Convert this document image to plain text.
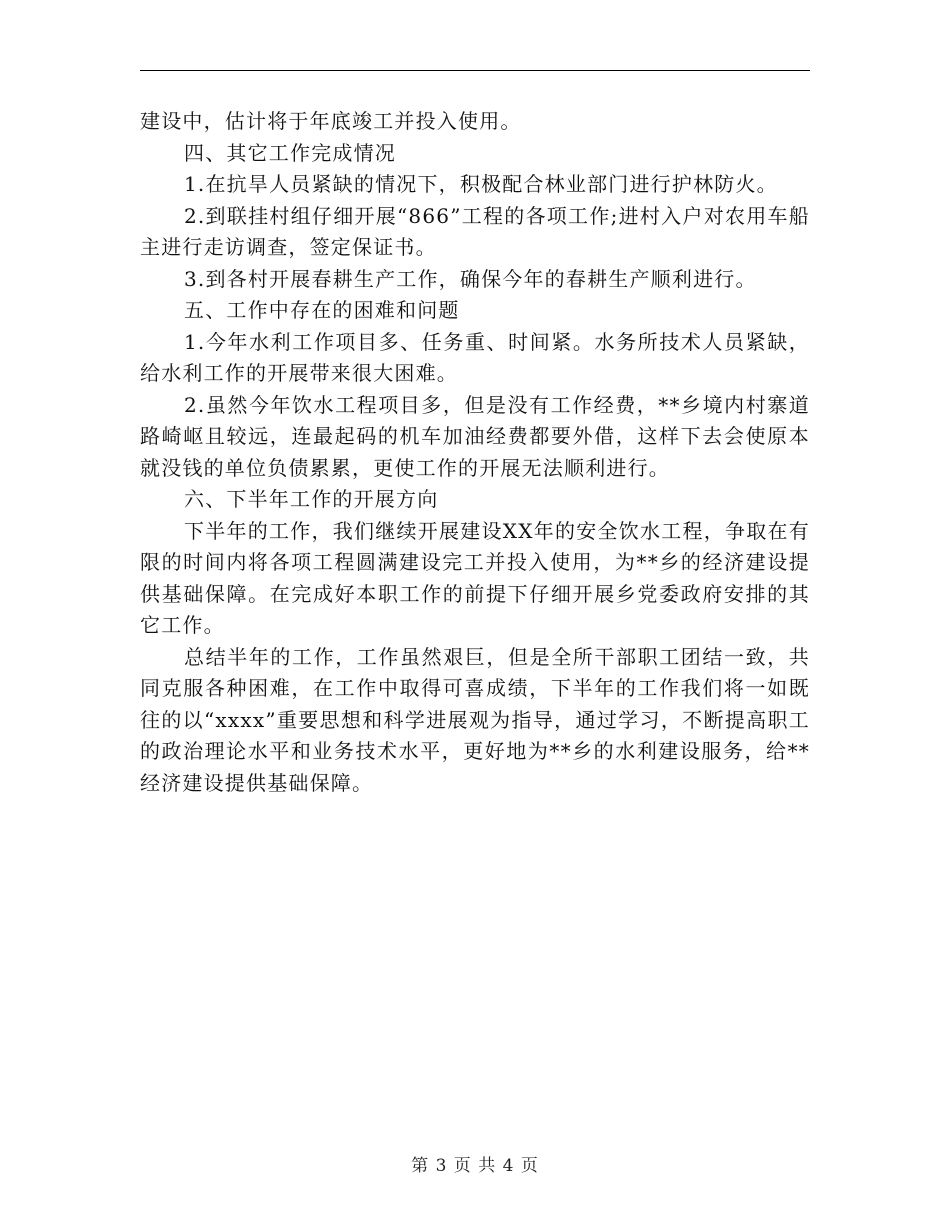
建设中，估计将于年底竣工并投入使用。

四、其它工作完成情况

1.在抗旱人员紧缺的情况下，积极配合林业部门进行护林防火。

2.到联挂村组仔细开展“866”工程的各项工作;进村入户对农用车船主进行走访调查，签定保证书。

3.到各村开展春耕生产工作，确保今年的春耕生产顺利进行。

五、工作中存在的困难和问题

1.今年水利工作项目多、任务重、时间紧。水务所技术人员紧缺，给水利工作的开展带来很大困难。

2.虽然今年饮水工程项目多，但是没有工作经费，**乡境内村寨道路崎岖且较远，连最起码的机车加油经费都要外借，这样下去会使原本就没钱的单位负债累累，更使工作的开展无法顺利进行。

六、下半年工作的开展方向

下半年的工作，我们继续开展建设XX年的安全饮水工程，争取在有限的时间内将各项工程圆满建设完工并投入使用，为**乡的经济建设提供基础保障。在完成好本职工作的前提下仔细开展乡党委政府安排的其它工作。

总结半年的工作，工作虽然艰巨，但是全所干部职工团结一致，共同克服各种困难，在工作中取得可喜成绩，下半年的工作我们将一如既往的以“xxxx”重要思想和科学进展观为指导，通过学习，不断提高职工的政治理论水平和业务技术水平，更好地为**乡的水利建设服务，给**经济建设提供基础保障。

第 3 页 共 4 页
